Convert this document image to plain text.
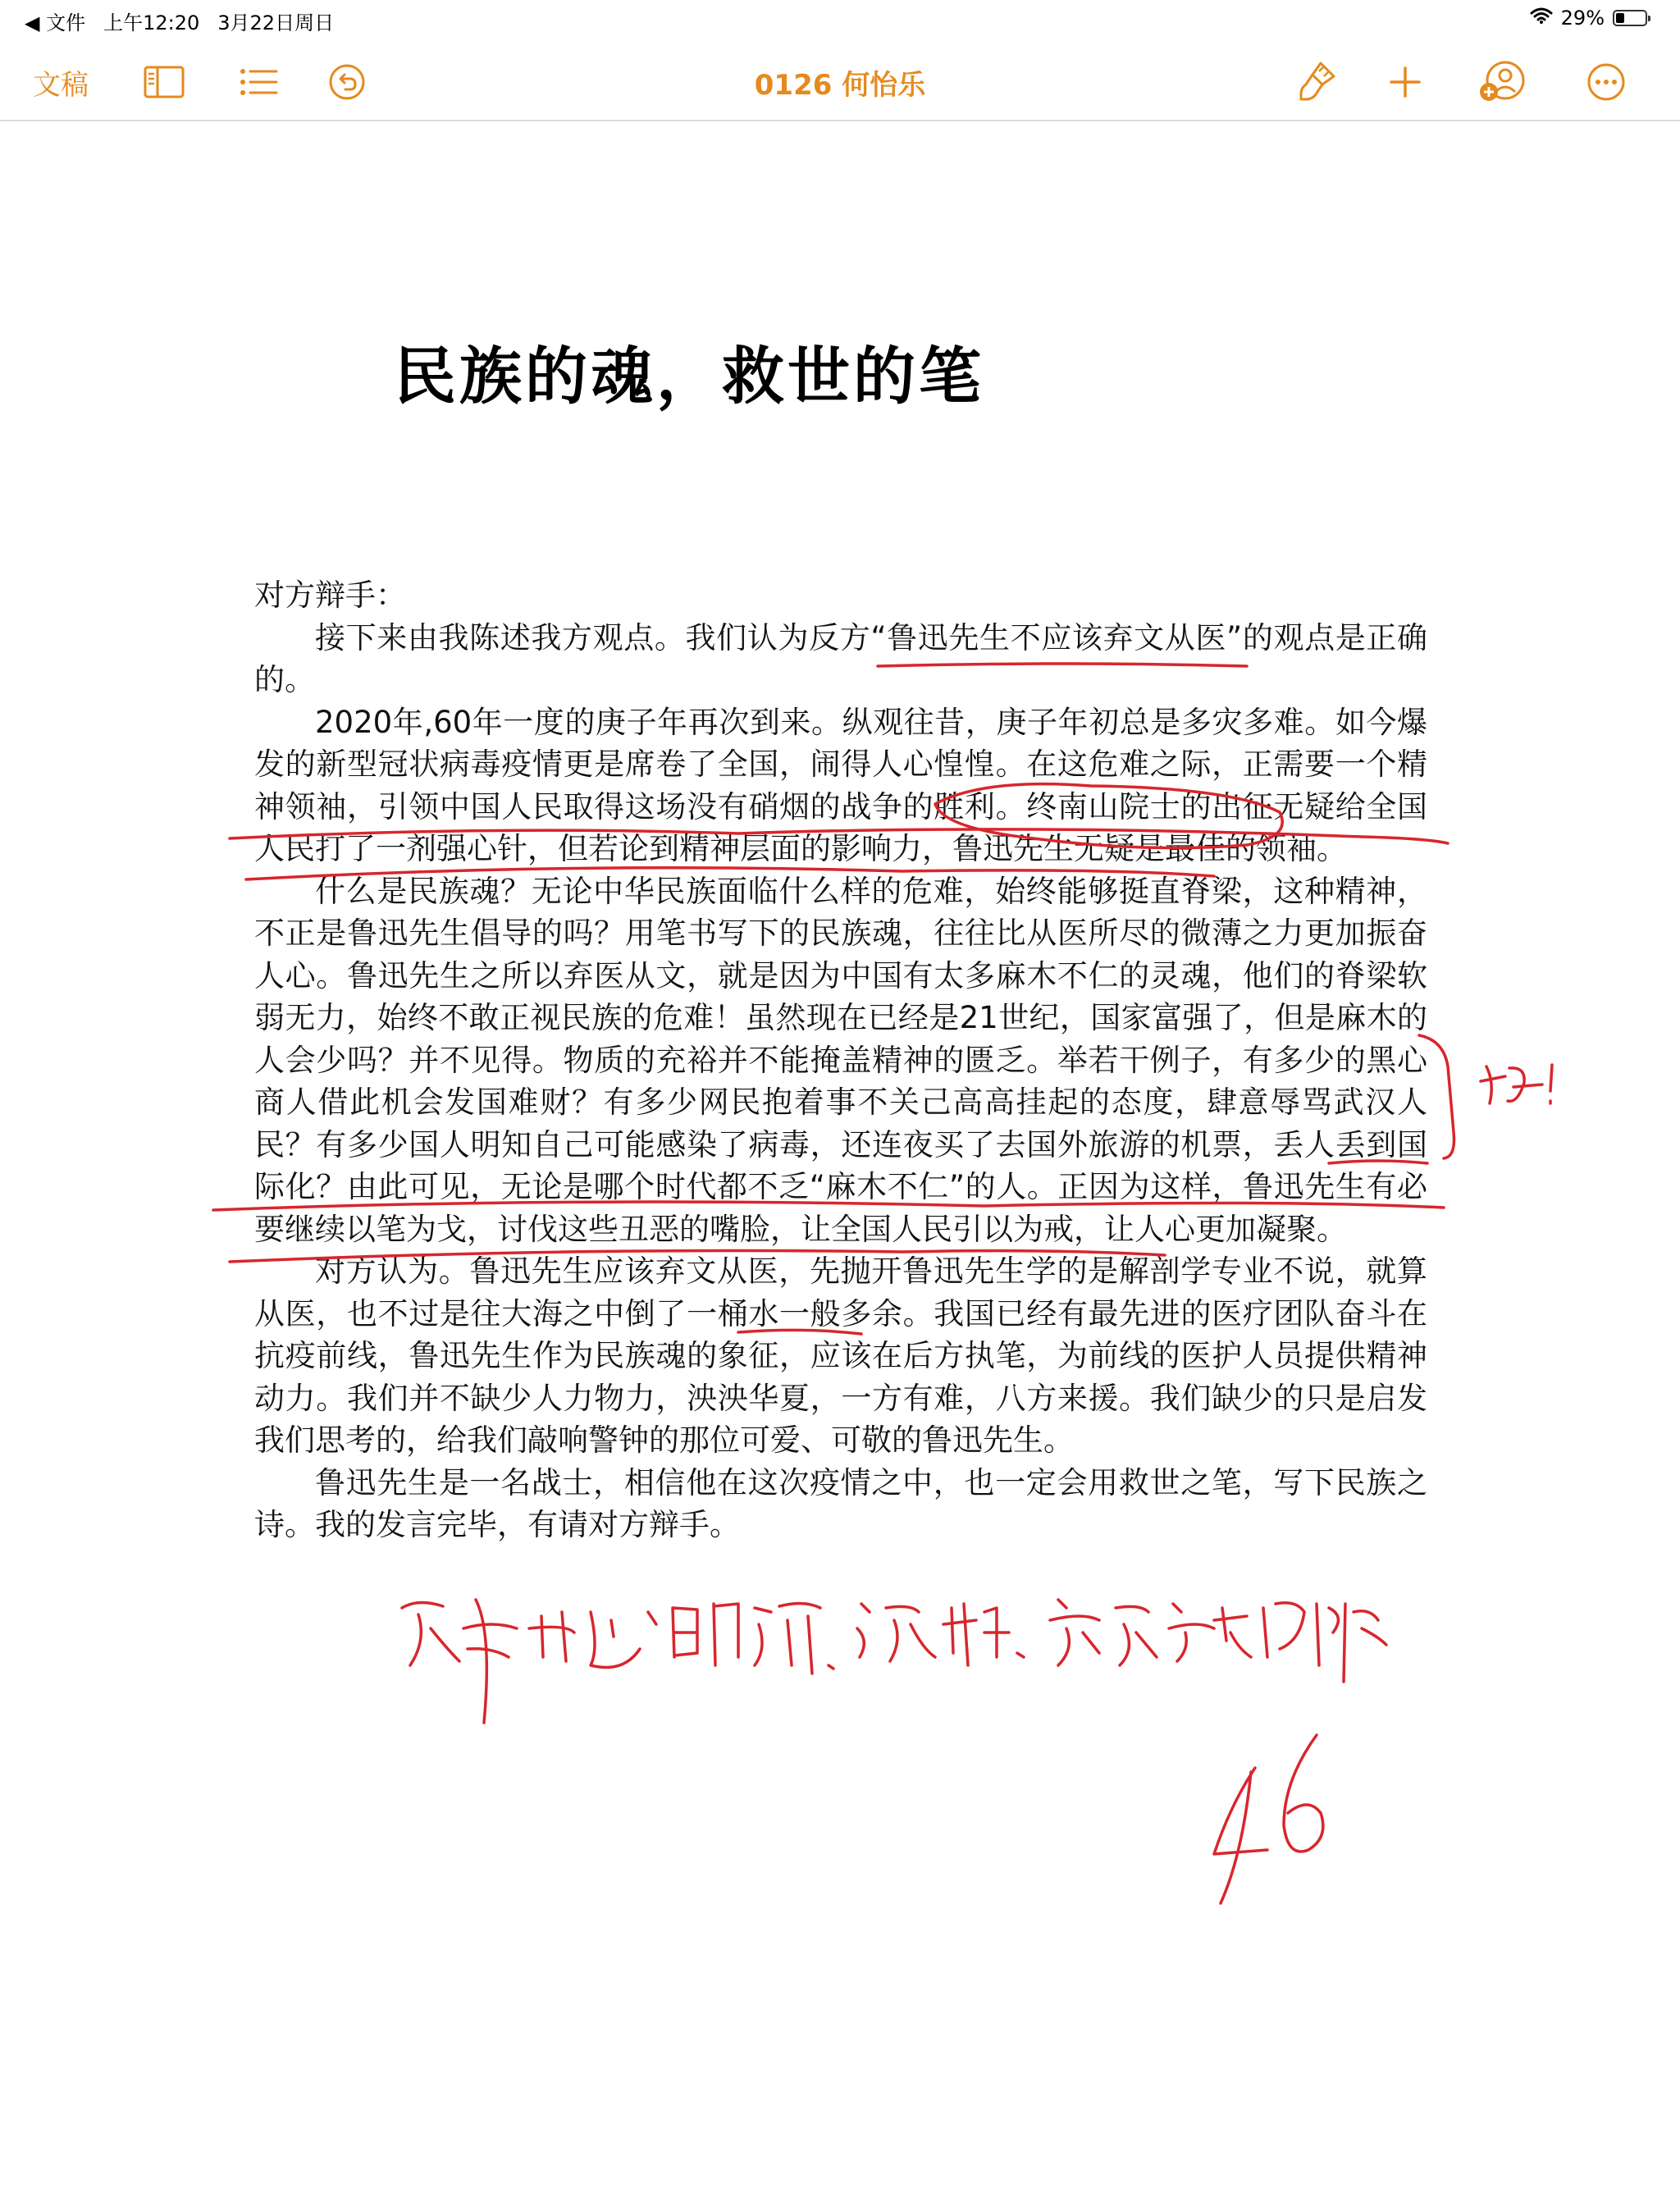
◀ 文件 上午12:20 3月22日周日	29%
文稿	0126 何怡乐
民族的魂，救世的笔

对方辩手：

接下来由我陈述我方观点。我们认为反方“鲁迅先生不应该弃文从医”的观点是正确的。

2020年,60年一度的庚子年再次到来。纵观往昔，庚子年初总是多灾多难。如今爆发的新型冠状病毒疫情更是席卷了全国，闹得人心惶惶。在这危难之际，正需要一个精神领袖，引领中国人民取得这场没有硝烟的战争的胜利。终南山院士的出征无疑给全国人民打了一剂强心针，但若论到精神层面的影响力，鲁迅先生无疑是最佳的领袖。

什么是民族魂？无论中华民族面临什么样的危难，始终能够挺直脊梁，这种精神，不正是鲁迅先生倡导的吗？用笔书写下的民族魂，往往比从医所尽的微薄之力更加振奋人心。鲁迅先生之所以弃医从文，就是因为中国有太多麻木不仁的灵魂，他们的脊梁软弱无力，始终不敢正视民族的危难！虽然现在已经是21世纪，国家富强了，但是麻木的人会少吗？并不见得。物质的充裕并不能掩盖精神的匮乏。举若干例子，有多少的黑心商人借此机会发国难财？有多少网民抱着事不关己高高挂起的态度，肆意辱骂武汉人民？有多少国人明知自己可能感染了病毒，还连夜买了去国外旅游的机票，丢人丢到国际化？由此可见，无论是哪个时代都不乏“麻木不仁”的人。正因为这样，鲁迅先生有必要继续以笔为戈，讨伐这些丑恶的嘴脸，让全国人民引以为戒，让人心更加凝聚。

对方认为。鲁迅先生应该弃文从医，先抛开鲁迅先生学的是解剖学专业不说，就算从医，也不过是往大海之中倒了一桶水一般多余。我国已经有最先进的医疗团队奋斗在抗疫前线，鲁迅先生作为民族魂的象征，应该在后方执笔，为前线的医护人员提供精神动力。我们并不缺少人力物力，泱泱华夏，一方有难，八方来援。我们缺少的只是启发我们思考的，给我们敲响警钟的那位可爱、可敬的鲁迅先生。

鲁迅先生是一名战士，相信他在这次疫情之中，也一定会用救世之笔，写下民族之诗。我的发言完毕，有请对方辩手。
